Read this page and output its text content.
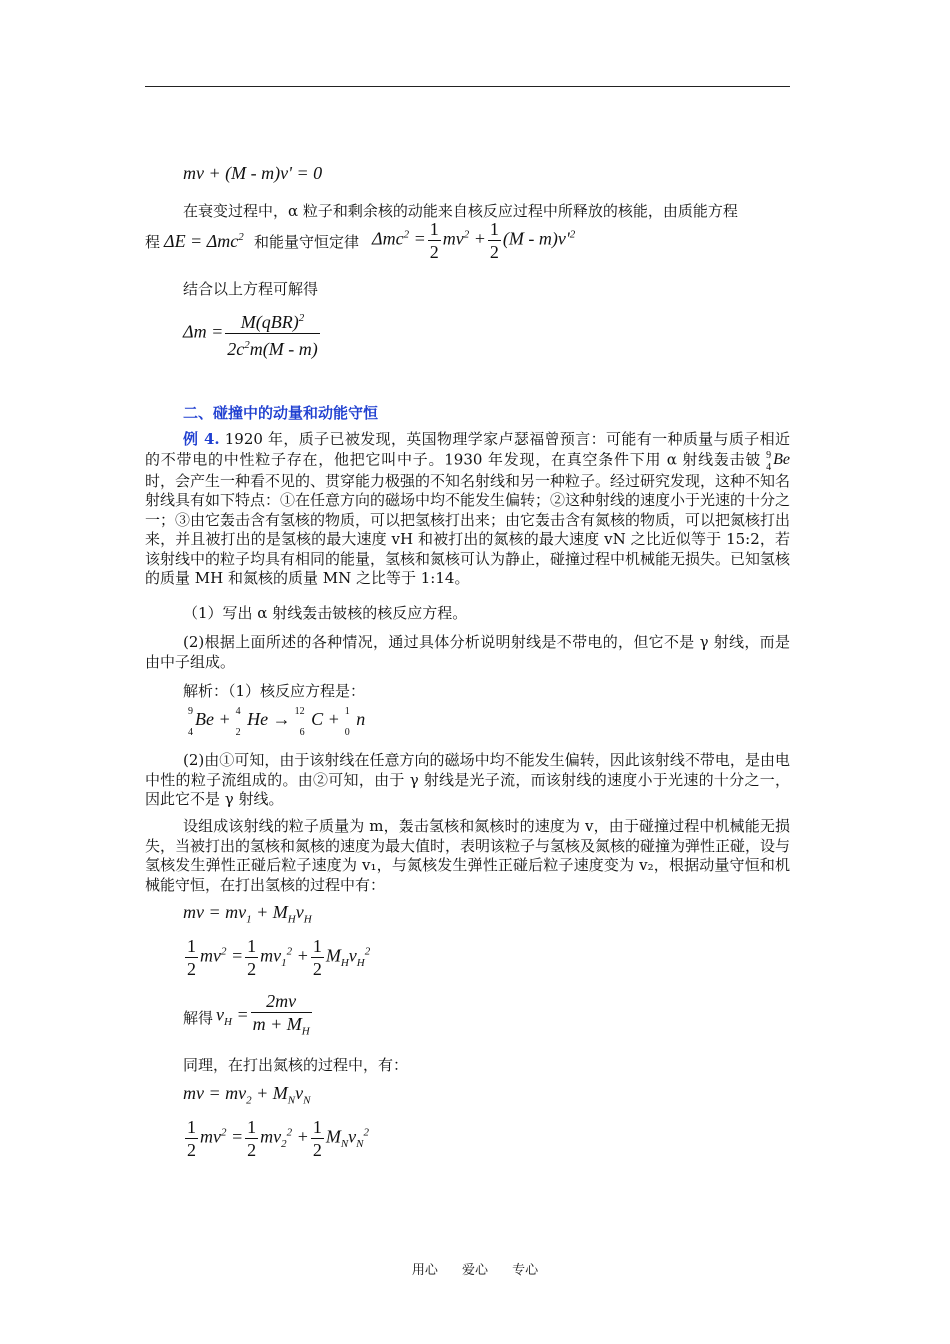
mv + (M - m)v' = 0
在衰变过程中，α 粒子和剩余核的动能来自核反应过程中所释放的核能，由质能方程
程 ΔE = Δmc$^2$ 和能量守恒定律 $\Delta mc^2 = \frac{1}{2} mv^2 + \frac{1}{2} (M - m)v'^2$
结合以上方程可解得
$\Delta m = \frac{M(qBR)^2}{2c^2m(M - m)}$
二、碰撞中的动量和动能守恒
例 4. 1920 年，质子已被发现，英国物理学家卢瑟福曾预言：可能有一种质量与质子相近的不带电的中性粒子存在，他把它叫中子。1930 年发现，在真空条件下用 α 射线轰击铍 9
4 Be时，会产生一种看不见的、贯穿能力极强的不知名射线和另一种粒子。经过研究发现，这种不知名射线具有如下特点：①在任意方向的磁场中均不能发生偏转；②这种射线的速度小于光速的十分之一；③由它轰击含有氢核的物质，可以把氢核打出来；由它轰击含有氮核的物质，可以把氮核打出来，并且被打出的是氢核的最大速度 vH 和被打出的氮核的最大速度 vN 之比近似等于 15:2，若该射线中的粒子均具有相同的能量，氢核和氮核可认为静止，碰撞过程中机械能无损失。已知氢核的质量 MH 和氮核的质量 MN 之比等于 1:14。
（1）写出 α 射线轰击铍核的核反应方程。
(2)根据上面所述的各种情况，通过具体分析说明射线是不带电的，但它不是 γ 射线，而是由中子组成。
解析：（1）核反应方程是：
9
4
Be + 4
2
He → 12
6
C + 1
0
n
(2)由①可知，由于该射线在任意方向的磁场中均不能发生偏转，因此该射线不带电，是由电中性的粒子流组成的。由②可知，由于 γ 射线是光子流，而该射线的速度小于光速的十分之一，因此它不是 γ 射线。
设组成该射线的粒子质量为 m，轰击氢核和氮核时的速度为 v，由于碰撞过程中机械能无损失，当被打出的氢核和氮核的速度为最大值时，表明该粒子与氢核及氮核的碰撞为弹性正碰，设与氢核发生弹性正碰后粒子速度为 v₁，与氮核发生弹性正碰后粒子速度变为 v₂，根据动量守恒和机械能守恒，在打出氢核的过程中有：
mv = $mv_1 + M_Hv_H$
$\frac{1}{2} mv^2 = \frac{1}{2} mv_1^2 + \frac{1}{2} M_Hv_H^2$
解得 $v_H = \frac{2mv}{m + M_H}$
同理，在打出氮核的过程中，有：
mv = $mv_2 + M_Nv_N$
$\frac{1}{2} mv^2 = \frac{1}{2} mv_2^2 + \frac{1}{2} M_Nv_N^2$
用心 爱心 专心
